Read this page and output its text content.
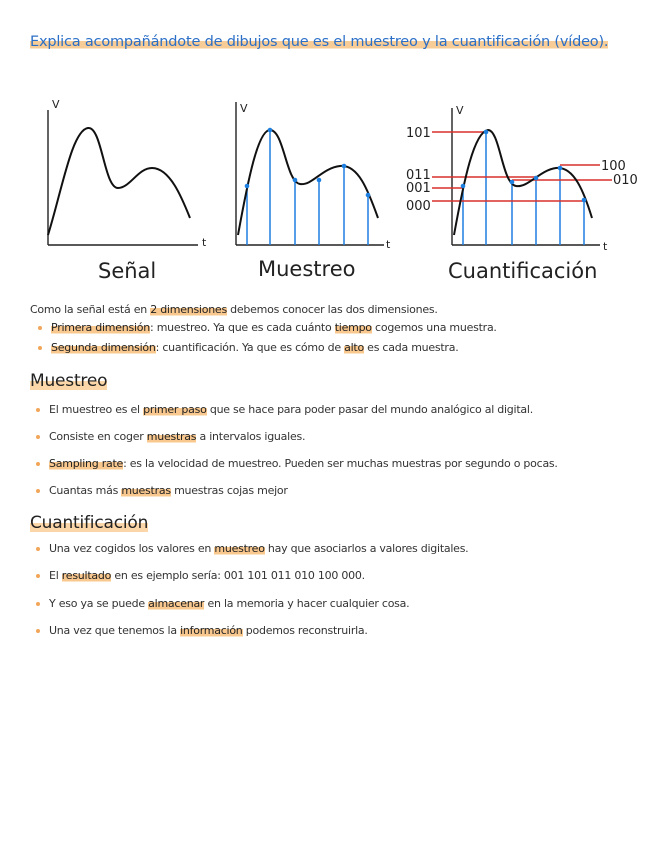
Explica acompañándote de dibujos que es el muestreo y la cuantificación (vídeo).
V
t
Señal
V
t
Muestreo
V
t
101
011
001
000
100
010
Cuantificación
Como la señal está en 2 dimensiones debemos conocer las dos dimensiones.
Primera dimensión: muestreo. Ya que es cada cuánto tiempo cogemos una muestra.
Segunda dimensión: cuantificación. Ya que es cómo de alto es cada muestra.
Muestreo
El muestreo es el primer paso que se hace para poder pasar del mundo analógico al digital.
Consiste en coger muestras a intervalos iguales.
Sampling rate: es la velocidad de muestreo. Pueden ser muchas muestras por segundo o pocas.
Cuantas más muestras muestras cojas mejor
Cuantificación
Una vez cogidos los valores en muestreo hay que asociarlos a valores digitales.
El resultado en es ejemplo sería: 001 101 011 010 100 000.
Y eso ya se puede almacenar en la memoria y hacer cualquier cosa.
Una vez que tenemos la información podemos reconstruirla.
